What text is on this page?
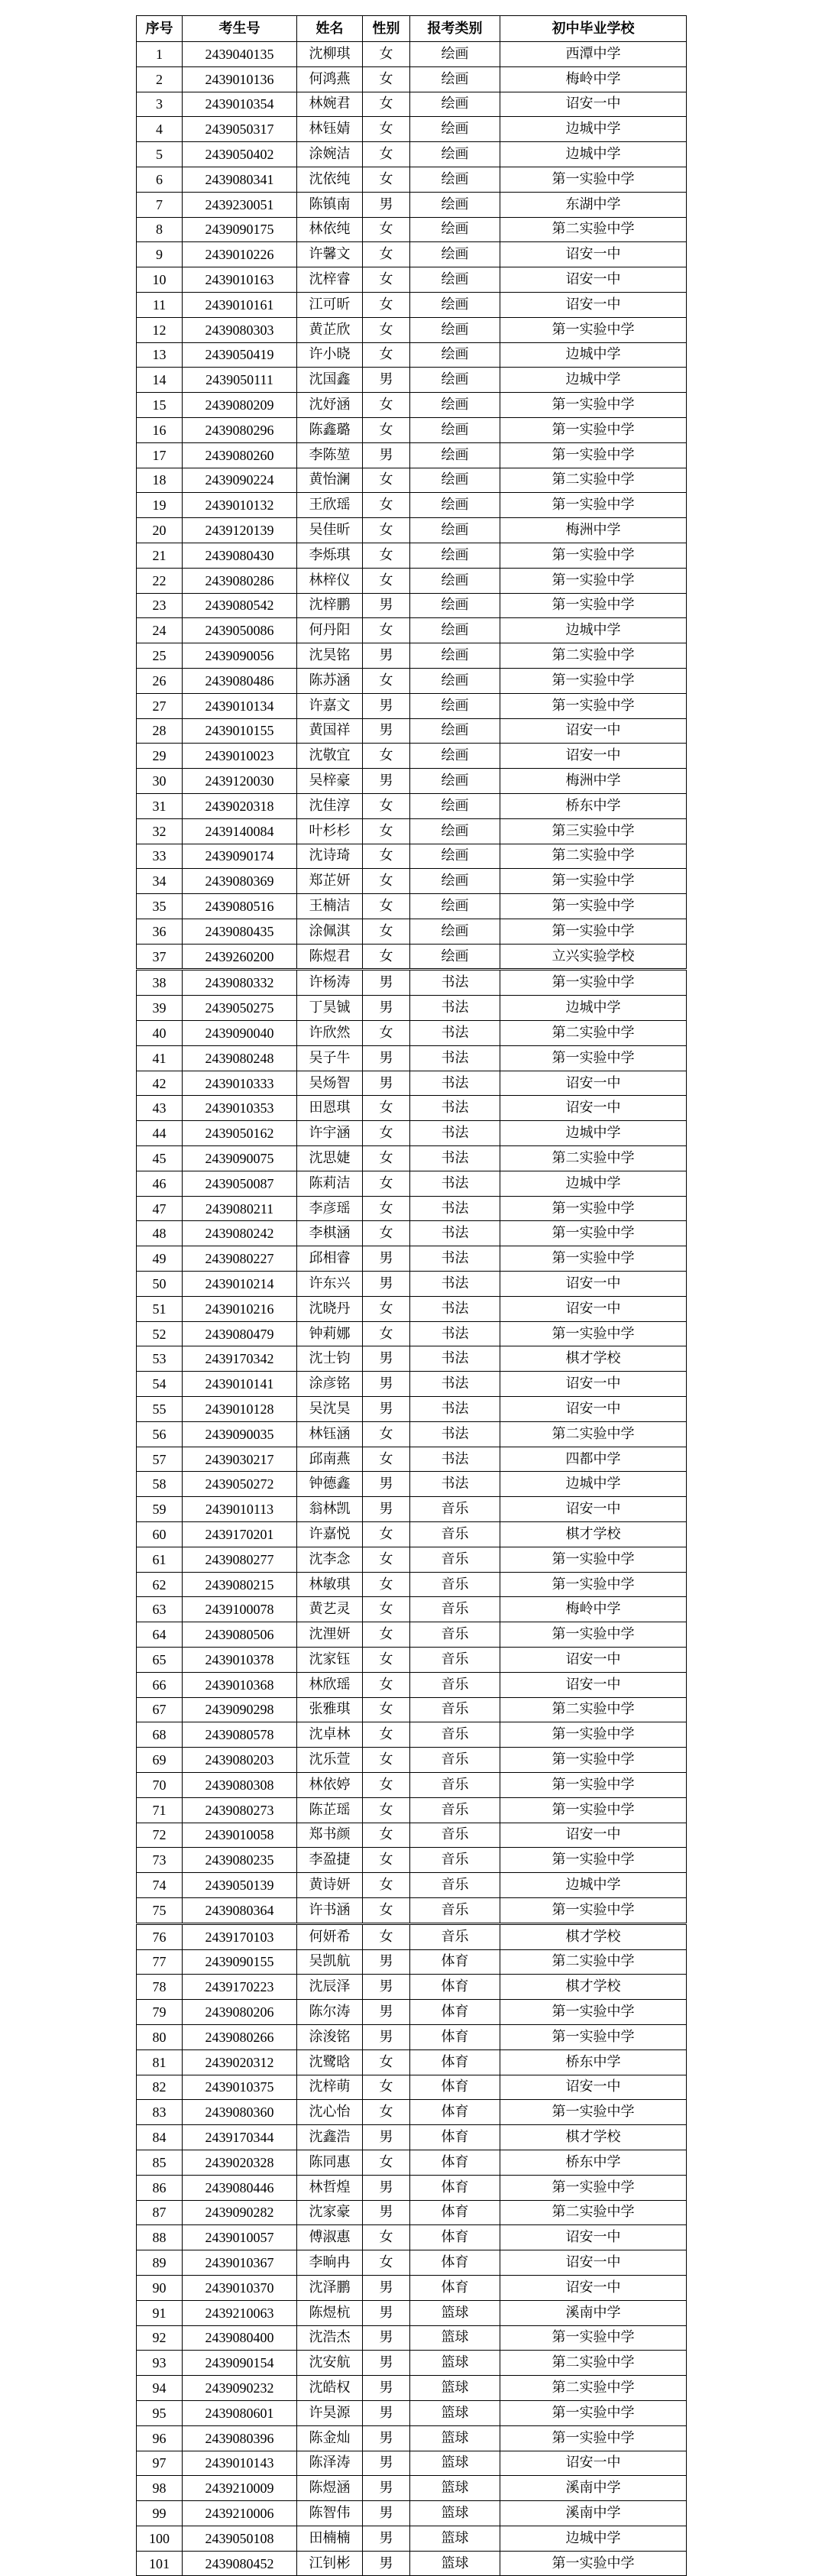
序号	考生号	姓名	性别	报考类别	初中毕业学校
1	2439040135	沈柳琪	女	绘画	西潭中学
2	2439010136	何鸿燕	女	绘画	梅岭中学
3	2439010354	林婉君	女	绘画	诏安一中
4	2439050317	林钰婧	女	绘画	边城中学
5	2439050402	涂婉洁	女	绘画	边城中学
6	2439080341	沈依纯	女	绘画	第一实验中学
7	2439230051	陈镇南	男	绘画	东湖中学
8	2439090175	林依纯	女	绘画	第二实验中学
9	2439010226	许馨文	女	绘画	诏安一中
10	2439010163	沈梓睿	女	绘画	诏安一中
11	2439010161	江可昕	女	绘画	诏安一中
12	2439080303	黄芷欣	女	绘画	第一实验中学
13	2439050419	许小晓	女	绘画	边城中学
14	2439050111	沈国鑫	男	绘画	边城中学
15	2439080209	沈妤涵	女	绘画	第一实验中学
16	2439080296	陈鑫璐	女	绘画	第一实验中学
17	2439080260	李陈堃	男	绘画	第一实验中学
18	2439090224	黄怡澜	女	绘画	第二实验中学
19	2439010132	王欣瑶	女	绘画	第一实验中学
20	2439120139	吴佳昕	女	绘画	梅洲中学
21	2439080430	李烁琪	女	绘画	第一实验中学
22	2439080286	林梓仪	女	绘画	第一实验中学
23	2439080542	沈梓鹏	男	绘画	第一实验中学
24	2439050086	何丹阳	女	绘画	边城中学
25	2439090056	沈昊铭	男	绘画	第二实验中学
26	2439080486	陈苏涵	女	绘画	第一实验中学
27	2439010134	许嘉文	男	绘画	第一实验中学
28	2439010155	黄国祥	男	绘画	诏安一中
29	2439010023	沈敬宜	女	绘画	诏安一中
30	2439120030	吴梓豪	男	绘画	梅洲中学
31	2439020318	沈佳淳	女	绘画	桥东中学
32	2439140084	叶杉杉	女	绘画	第三实验中学
33	2439090174	沈诗琦	女	绘画	第二实验中学
34	2439080369	郑芷妍	女	绘画	第一实验中学
35	2439080516	王楠洁	女	绘画	第一实验中学
36	2439080435	涂佩淇	女	绘画	第一实验中学
37	2439260200	陈煜君	女	绘画	立兴实验学校
38	2439080332	许杨涛	男	书法	第一实验中学
39	2439050275	丁昊铖	男	书法	边城中学
40	2439090040	许欣然	女	书法	第二实验中学
41	2439080248	吴子牛	男	书法	第一实验中学
42	2439010333	吴炀智	男	书法	诏安一中
43	2439010353	田恩琪	女	书法	诏安一中
44	2439050162	许宇涵	女	书法	边城中学
45	2439090075	沈思婕	女	书法	第二实验中学
46	2439050087	陈莉洁	女	书法	边城中学
47	2439080211	李彦瑶	女	书法	第一实验中学
48	2439080242	李棋涵	女	书法	第一实验中学
49	2439080227	邱相睿	男	书法	第一实验中学
50	2439010214	许东兴	男	书法	诏安一中
51	2439010216	沈晓丹	女	书法	诏安一中
52	2439080479	钟莉娜	女	书法	第一实验中学
53	2439170342	沈士钧	男	书法	棋才学校
54	2439010141	涂彦铭	男	书法	诏安一中
55	2439010128	吴沈昊	男	书法	诏安一中
56	2439090035	林钰涵	女	书法	第二实验中学
57	2439030217	邱南燕	女	书法	四都中学
58	2439050272	钟德鑫	男	书法	边城中学
59	2439010113	翁林凯	男	音乐	诏安一中
60	2439170201	许嘉悦	女	音乐	棋才学校
61	2439080277	沈李念	女	音乐	第一实验中学
62	2439080215	林敏琪	女	音乐	第一实验中学
63	2439100078	黄艺灵	女	音乐	梅岭中学
64	2439080506	沈浬妍	女	音乐	第一实验中学
65	2439010378	沈家钰	女	音乐	诏安一中
66	2439010368	林欣瑶	女	音乐	诏安一中
67	2439090298	张雅琪	女	音乐	第二实验中学
68	2439080578	沈卓林	女	音乐	第一实验中学
69	2439080203	沈乐萱	女	音乐	第一实验中学
70	2439080308	林依婷	女	音乐	第一实验中学
71	2439080273	陈芷瑶	女	音乐	第一实验中学
72	2439010058	郑书颜	女	音乐	诏安一中
73	2439080235	李盈捷	女	音乐	第一实验中学
74	2439050139	黄诗妍	女	音乐	边城中学
75	2439080364	许书涵	女	音乐	第一实验中学
76	2439170103	何妍希	女	音乐	棋才学校
77	2439090155	吴凯航	男	体育	第二实验中学
78	2439170223	沈辰泽	男	体育	棋才学校
79	2439080206	陈尔涛	男	体育	第一实验中学
80	2439080266	涂浚铭	男	体育	第一实验中学
81	2439020312	沈鹭晗	女	体育	桥东中学
82	2439010375	沈梓萌	女	体育	诏安一中
83	2439080360	沈心怡	女	体育	第一实验中学
84	2439170344	沈鑫浩	男	体育	棋才学校
85	2439020328	陈同惠	女	体育	桥东中学
86	2439080446	林哲煌	男	体育	第一实验中学
87	2439090282	沈家豪	男	体育	第二实验中学
88	2439010057	傅淑惠	女	体育	诏安一中
89	2439010367	李晌冉	女	体育	诏安一中
90	2439010370	沈泽鹏	男	体育	诏安一中
91	2439210063	陈煜杭	男	篮球	溪南中学
92	2439080400	沈浩杰	男	篮球	第一实验中学
93	2439090154	沈安航	男	篮球	第二实验中学
94	2439090232	沈皓权	男	篮球	第二实验中学
95	2439080601	许昊源	男	篮球	第一实验中学
96	2439080396	陈金灿	男	篮球	第一实验中学
97	2439010143	陈泽涛	男	篮球	诏安一中
98	2439210009	陈煜涵	男	篮球	溪南中学
99	2439210006	陈智伟	男	篮球	溪南中学
100	2439050108	田楠楠	男	篮球	边城中学
101	2439080452	江钊彬	男	篮球	第一实验中学
